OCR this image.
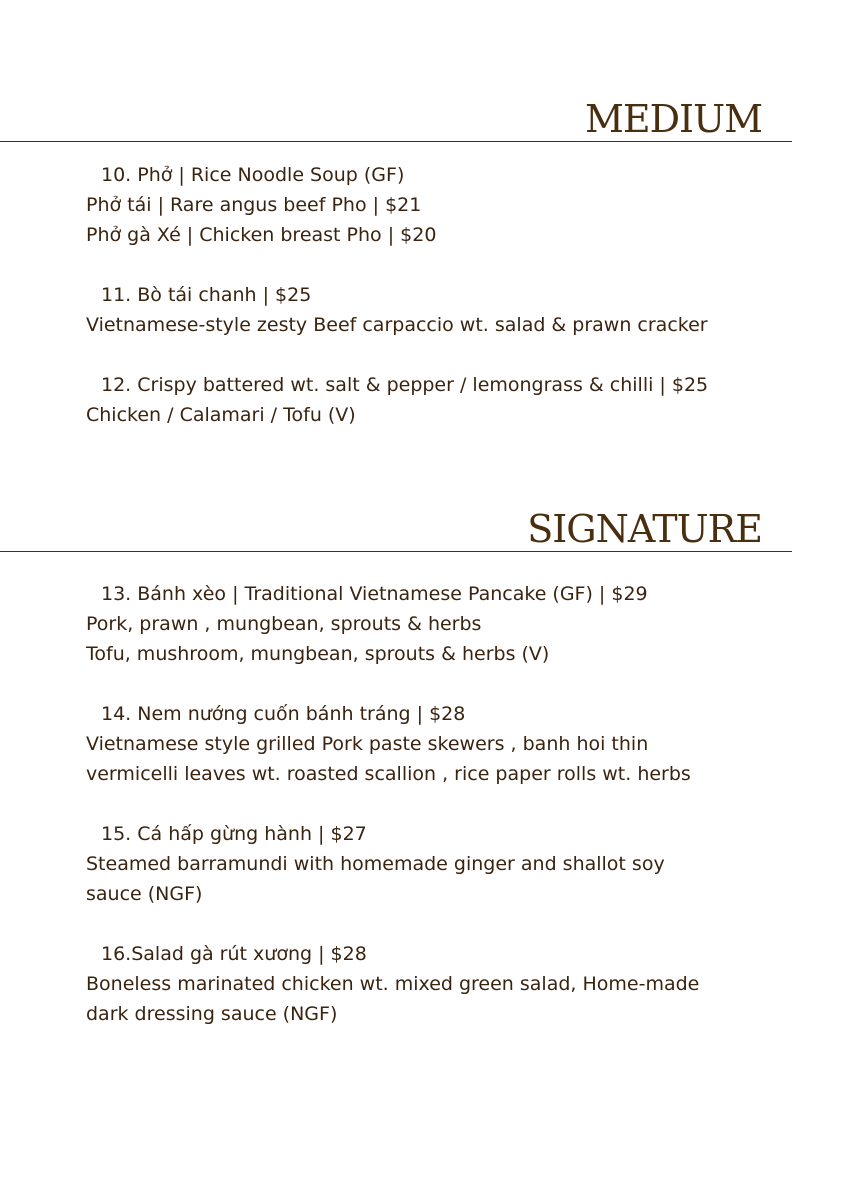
MEDIUM
10. Phở | Rice Noodle Soup (GF)
Phở tái | Rare angus beef Pho | $21
Phở gà Xé | Chicken breast Pho | $20
11. Bò tái chanh | $25
Vietnamese-style zesty Beef carpaccio wt. salad & prawn cracker
12. Crispy battered wt. salt & pepper / lemongrass & chilli | $25
Chicken / Calamari / Tofu (V)
SIGNATURE
13. Bánh xèo | Traditional Vietnamese Pancake (GF) | $29
Pork, prawn , mungbean, sprouts & herbs
Tofu, mushroom, mungbean, sprouts & herbs (V)
14. Nem nướng cuốn bánh tráng | $28
Vietnamese style grilled Pork paste skewers , banh hoi thin
vermicelli leaves wt. roasted scallion , rice paper rolls wt. herbs
15. Cá hấp gừng hành | $27
Steamed barramundi with homemade ginger and shallot soy
sauce (NGF)
16.Salad gà rút xương | $28
Boneless marinated chicken wt. mixed green salad, Home-made
dark dressing sauce (NGF)
